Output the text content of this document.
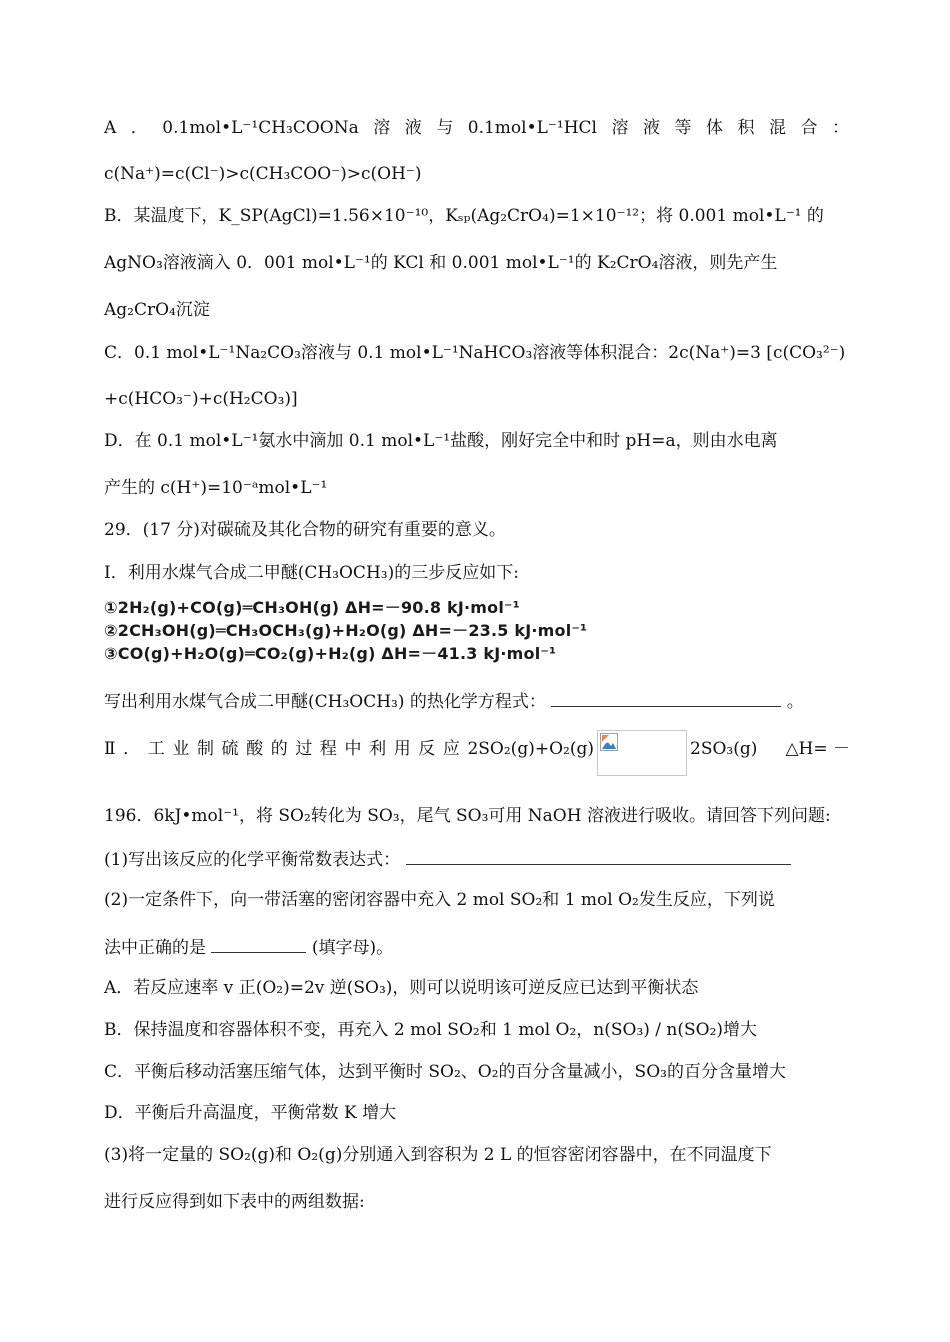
A ． 0.1mol•L⁻¹CH₃COONa 溶 液 与 0.1mol•L⁻¹HCl 溶 液 等 体 积 混 合 ：
c(Na⁺)=c(Cl⁻)>c(CH₃COO⁻)>c(OH⁻)
B．某温度下，K_SP(AgCl)=1.56×10⁻¹⁰，Kₛₚ(Ag₂CrO₄)=1×10⁻¹²；将 0.001 mol•L⁻¹ 的
AgNO₃溶液滴入 0．001 mol•L⁻¹的 KCl 和 0.001 mol•L⁻¹的 K₂CrO₄溶液，则先产生
Ag₂CrO₄沉淀
C．0.1 mol•L⁻¹Na₂CO₃溶液与 0.1 mol•L⁻¹NaHCO₃溶液等体积混合：2c(Na⁺)=3 [c(CO₃²⁻)
+c(HCO₃⁻)+c(H₂CO₃)]
D．在 0.1 mol•L⁻¹氨水中滴加 0.1 mol•L⁻¹盐酸，刚好完全中和时 pH=a，则由水电离
产生的 c(H⁺)=10⁻ᵃmol•L⁻¹
29．(17 分)对碳硫及其化合物的研究有重要的意义。
I．利用水煤气合成二甲醚(CH₃OCH₃)的三步反应如下:
①2H₂(g)+CO(g)═CH₃OH(g) ΔH=－90.8 kJ·mol⁻¹
②2CH₃OH(g)═CH₃OCH₃(g)+H₂O(g) ΔH=－23.5 kJ·mol⁻¹
③CO(g)+H₂O(g)═CO₂(g)+H₂(g) ΔH=－41.3 kJ·mol⁻¹
写出利用水煤气合成二甲醚(CH₃OCH₃) 的热化学方程式：	。
Ⅱ ． 工 业 制 硫 酸 的 过 程 中 利 用 反 应 2SO₂(g)+O₂(g)	2SO₃(g)	△H= －
196．6kJ•mol⁻¹，将 SO₂转化为 SO₃，尾气 SO₃可用 NaOH 溶液进行吸收。请回答下列问题:
(1)写出该反应的化学平衡常数表达式：
(2)一定条件下，向一带活塞的密闭容器中充入 2 mol SO₂和 1 mol O₂发生反应，下列说
法中正确的是	(填字母)。
A．若反应速率 v 正(O₂)=2v 逆(SO₃)，则可以说明该可逆反应已达到平衡状态
B．保持温度和容器体积不变，再充入 2 mol SO₂和 1 mol O₂，n(SO₃) / n(SO₂)增大
C．平衡后移动活塞压缩气体，达到平衡时 SO₂、O₂的百分含量减小，SO₃的百分含量增大
D．平衡后升高温度，平衡常数 K 增大
(3)将一定量的 SO₂(g)和 O₂(g)分别通入到容积为 2 L 的恒容密闭容器中，在不同温度下
进行反应得到如下表中的两组数据:
